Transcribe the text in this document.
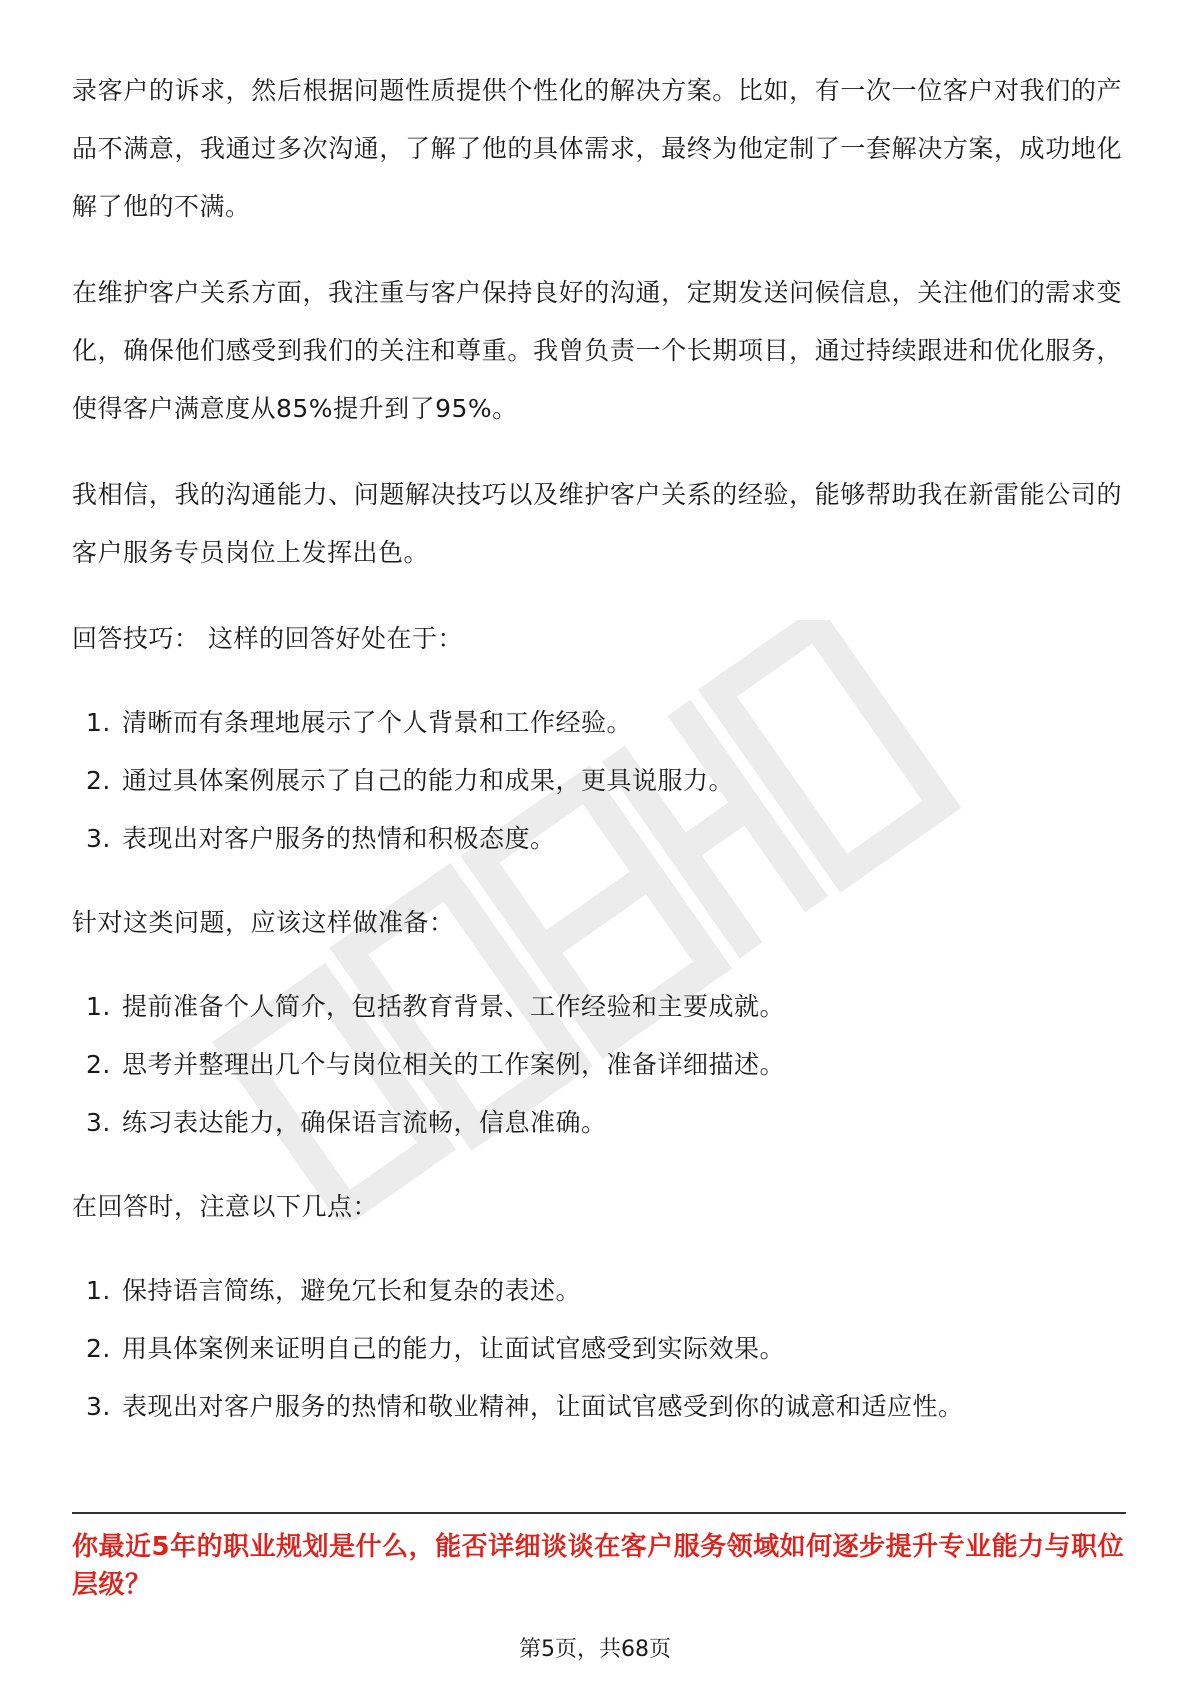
录客户的诉求，然后根据问题性质提供个性化的解决方案。比如，有一次一位客户对我们的产品不满意，我通过多次沟通，了解了他的具体需求，最终为他定制了一套解决方案，成功地化解了他的不满。

在维护客户关系方面，我注重与客户保持良好的沟通，定期发送问候信息，关注他们的需求变化，确保他们感受到我们的关注和尊重。我曾负责一个长期项目，通过持续跟进和优化服务，使得客户满意度从85%提升到了95%。

我相信，我的沟通能力、问题解决技巧以及维护客户关系的经验，能够帮助我在新雷能公司的客户服务专员岗位上发挥出色。

回答技巧： 这样的回答好处在于：

1. 清晰而有条理地展示了个人背景和工作经验。
2. 通过具体案例展示了自己的能力和成果，更具说服力。
3. 表现出对客户服务的热情和积极态度。

针对这类问题，应该这样做准备：

1. 提前准备个人简介，包括教育背景、工作经验和主要成就。
2. 思考并整理出几个与岗位相关的工作案例，准备详细描述。
3. 练习表达能力，确保语言流畅，信息准确。

在回答时，注意以下几点：

1. 保持语言简练，避免冗长和复杂的表述。
2. 用具体案例来证明自己的能力，让面试官感受到实际效果。
3. 表现出对客户服务的热情和敬业精神，让面试官感受到你的诚意和适应性。
你最近5年的职业规划是什么，能否详细谈谈在客户服务领域如何逐步提升专业能力与职位层级？
第5页，共68页
